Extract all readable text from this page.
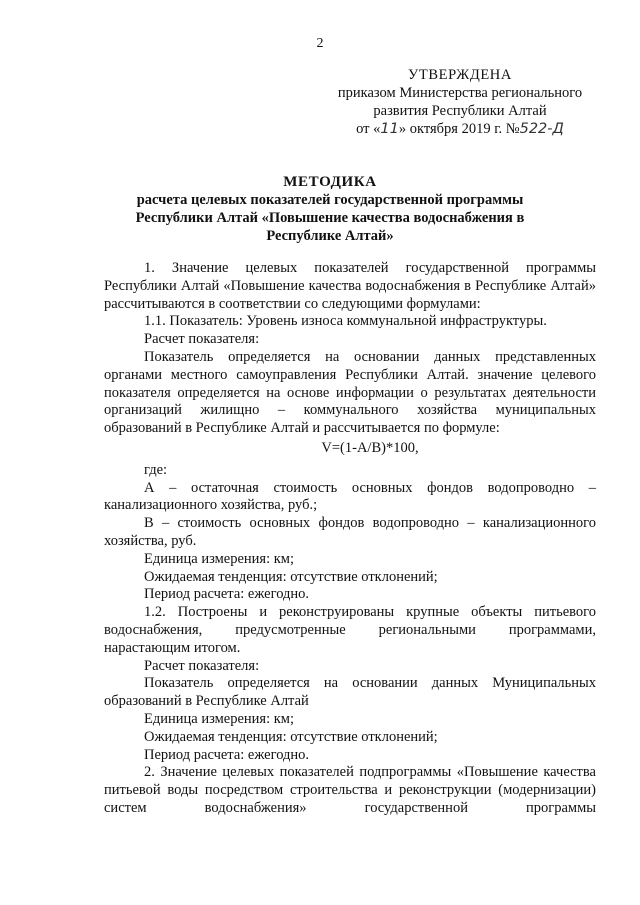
2
УТВЕРЖДЕНА
приказом Министерства регионального
развития Республики Алтай
от «11» октября 2019 г. №522-Д
МЕТОДИКА
расчета целевых показателей государственной программы
Республики Алтай «Повышение качества водоснабжения в
Республике Алтай»

1. Значение целевых показателей государственной программы Республики Алтай «Повышение качества водоснабжения в Республике Алтай» рассчитываются в соответствии со следующими формулами:

1.1. Показатель: Уровень износа коммунальной инфраструктуры.

Расчет показателя:

Показатель определяется на основании данных представленных органами местного самоуправления Республики Алтай. значение целевого показателя определяется на основе информации о результатах деятельности организаций жилищно – коммунального хозяйства муниципальных образований в Республике Алтай и рассчитывается по формуле:

V=(1-A/B)*100,

где:

А – остаточная стоимость основных фондов водопроводно – канализационного хозяйства, руб.;

В – стоимость основных фондов водопроводно – канализационного хозяйства, руб.

Единица измерения: км;

Ожидаемая тенденция: отсутствие отклонений;

Период расчета: ежегодно.

1.2. Построены и реконструированы крупные объекты питьевого водоснабжения, предусмотренные региональными программами, нарастающим итогом.

Расчет показателя:

Показатель определяется на основании данных Муниципальных образований в Республике Алтай

Единица измерения: км;

Ожидаемая тенденция: отсутствие отклонений;

Период расчета: ежегодно.

2. Значение целевых показателей подпрограммы «Повышение качества питьевой воды посредством строительства и реконструкции (модернизации) систем водоснабжения» государственной программы
